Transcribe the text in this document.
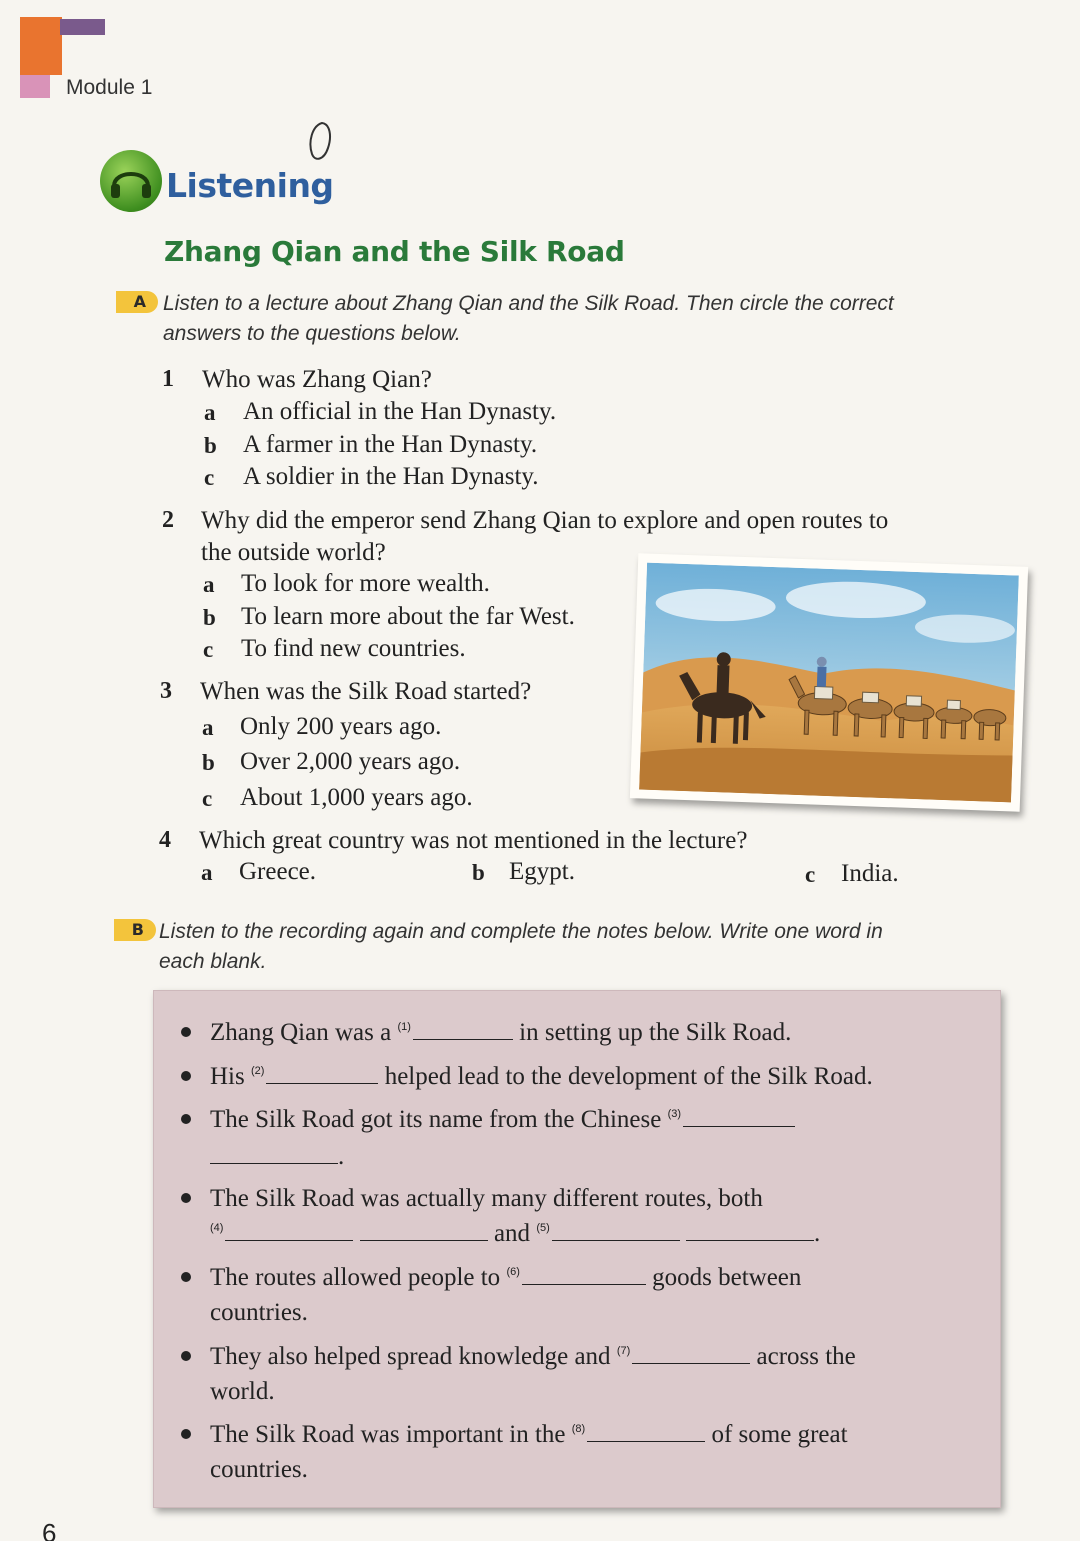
Module 1
Listening
Zhang Qian and the Silk Road
A Listen to a lecture about Zhang Qian and the Silk Road. Then circle the correct
answers to the questions below.
1 Who was Zhang Qian?
a An official in the Han Dynasty.
b A farmer in the Han Dynasty.
c A soldier in the Han Dynasty.
2 Why did the emperor send Zhang Qian to explore and open routes to
the outside world?
a To look for more wealth.
b To learn more about the far West.
c To find new countries.
3 When was the Silk Road started?
a Only 200 years ago.
b Over 2,000 years ago.
c About 1,000 years ago.
4 Which great country was not mentioned in the lecture?
a Greece.	b Egypt.	c India.
B Listen to the recording again and complete the notes below. Write one word in
each blank.
Zhang Qian was a $^{(1)}$	in setting up the Silk Road.
His $^{(2)}$	helped lead to the development of the Silk Road.
The Silk Road got its name from the Chinese $^{(3)}$
.
The Silk Road was actually many different routes, both
$^{(4)}$	and $^{(5)}$	.
The routes allowed people to $^{(6)}$	goods between
countries.
They also helped spread knowledge and $^{(7)}$	across the
world.
The Silk Road was important in the $^{(8)}$	of some great
countries.
6
